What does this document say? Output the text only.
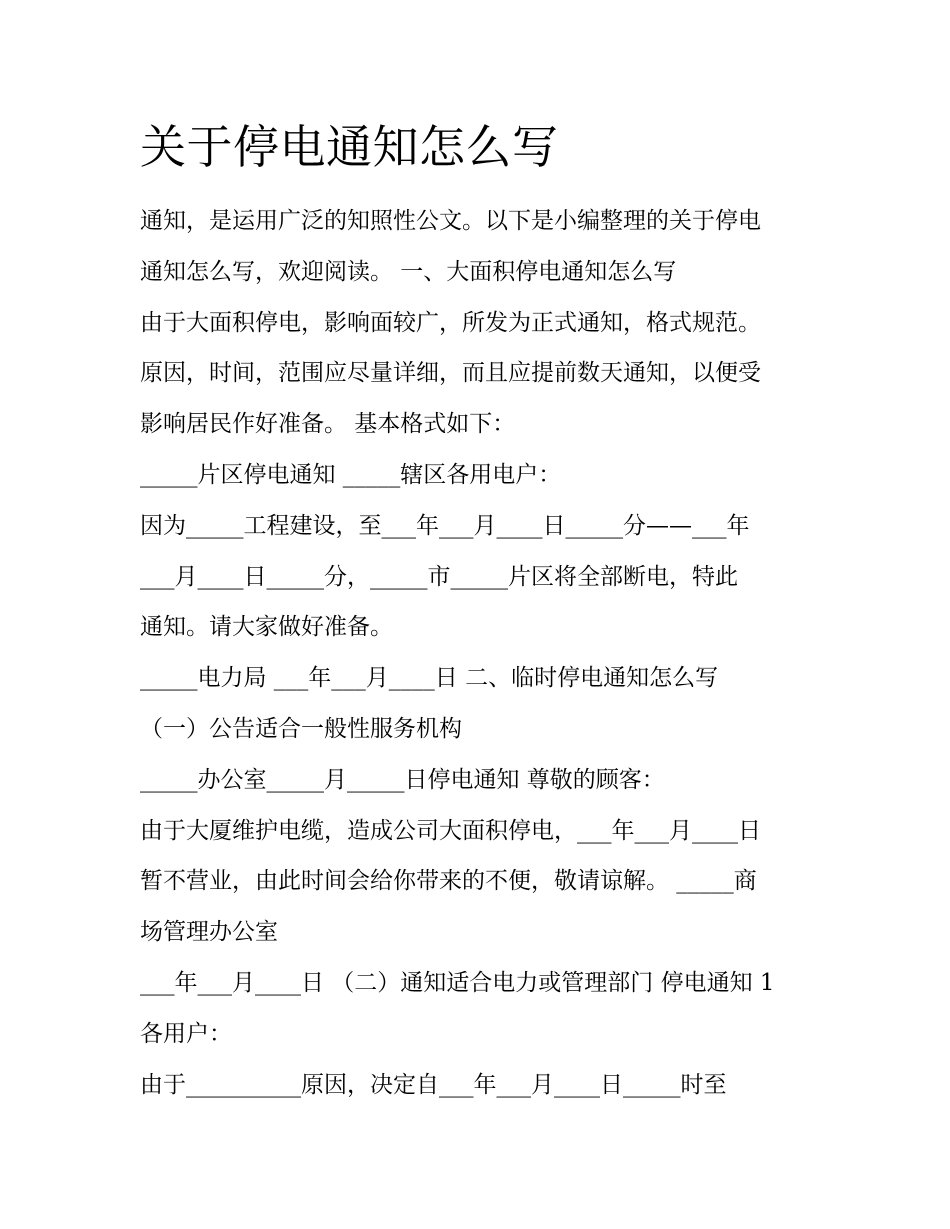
关于停电通知怎么写
通知，是运用广泛的知照性公文。以下是小编整理的关于停电
通知怎么写，欢迎阅读。 一、大面积停电通知怎么写
由于大面积停电，影响面较广，所发为正式通知，格式规范。
原因，时间，范围应尽量详细，而且应提前数天通知，以便受
影响居民作好准备。 基本格式如下：
_____片区停电通知 _____辖区各用电户：
因为_____工程建设，至___年___月____日_____分——___年
___月____日_____分，_____市_____片区将全部断电，特此
通知。请大家做好准备。
_____电力局 ___年___月____日 二、临时停电通知怎么写
（一）公告适合一般性服务机构
_____办公室_____月_____日停电通知 尊敬的顾客：
由于大厦维护电缆，造成公司大面积停电，___年___月____日
暂不营业，由此时间会给你带来的不便，敬请谅解。 _____商
场管理办公室
___年___月____日 （二）通知适合电力或管理部门 停电通知 1
各用户：
由于__________原因，决定自___年___月____日_____时至
